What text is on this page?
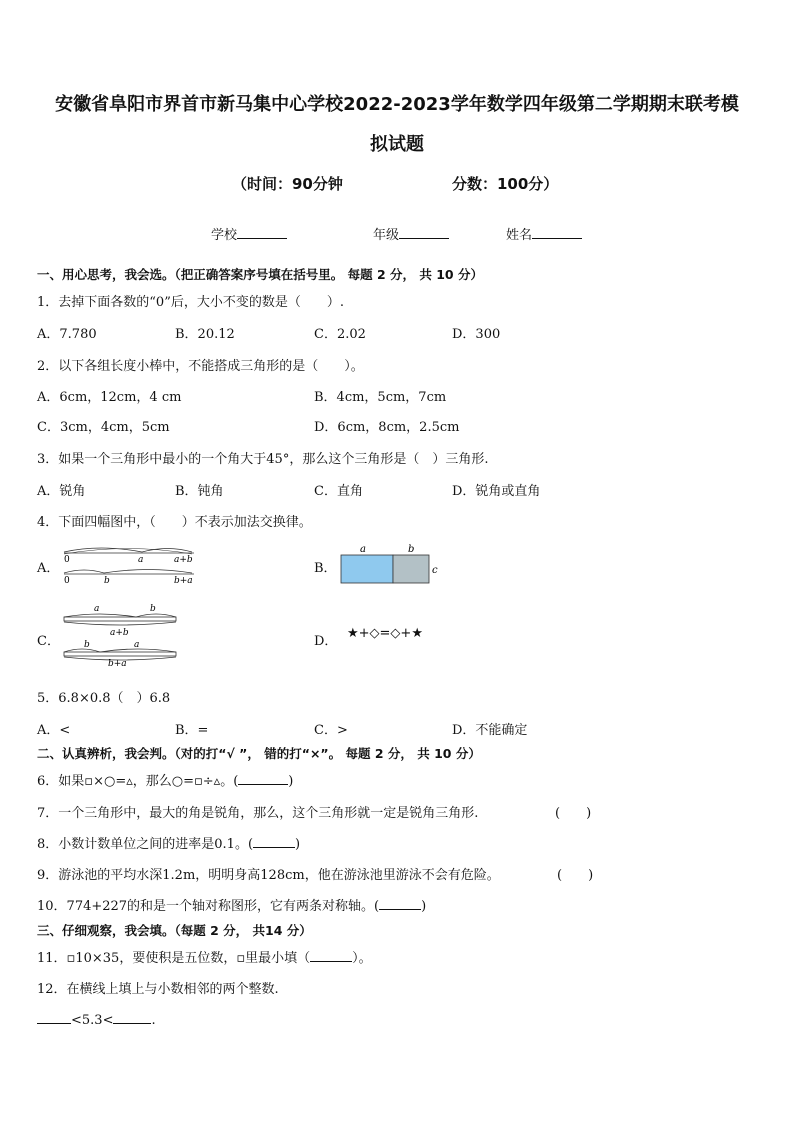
安徽省阜阳市界首市新马集中心学校2022-2023学年数学四年级第二学期期末联考模
拟试题
（时间：90分钟	分数：100分）
学校	年级	姓名
一、用心思考，我会选。（把正确答案序号填在括号里。 每题 2 分， 共 10 分）
1．去掉下面各数的“0”后，大小不变的数是（　　）.
A．7.780	B．20.12	C．2.02	D．300
2．以下各组长度小棒中，不能搭成三角形的是（　　）。
A．6cm，12cm，4 cm	B．4cm，5cm，7cm
C．3cm，4cm，5cm	D．6cm，8cm，2.5cm
3．如果一个三角形中最小的一个角大于45°，那么这个三角形是（　）三角形.
A．锐角	B．钝角	C．直角	D．锐角或直角
4．下面四幅图中，（　　）不表示加法交换律。
A．
0	a	a+b
0	b	b+a
B．
a	b
c
C．
a	b
a+b
b	a
b+a
D．
★+◇=◇+★
5．6.8×0.8（　）6.8
A．<	B．=	C．>	D．不能确定
二、认真辨析，我会判。（对的打“√ ”， 错的打“×”。 每题 2 分， 共 10 分）
6．如果▫×○=▵，那么○=▫÷▵。(	)
7．一个三角形中，最大的角是锐角，那么，这个三角形就一定是锐角三角形.	(　　)
8．小数计数单位之间的进率是0.1。(	)
9．游泳池的平均水深1.2m，明明身高128cm，他在游泳池里游泳不会有危险。	(　　)
10．774+227的和是一个轴对称图形，它有两条对称轴。(	)
三、仔细观察，我会填。（每题 2 分， 共14 分）
11．▫10×35，要使积是五位数，▫里最小填（	）。
12．在横线上填上与小数相邻的两个整数.
<5.3<	.
